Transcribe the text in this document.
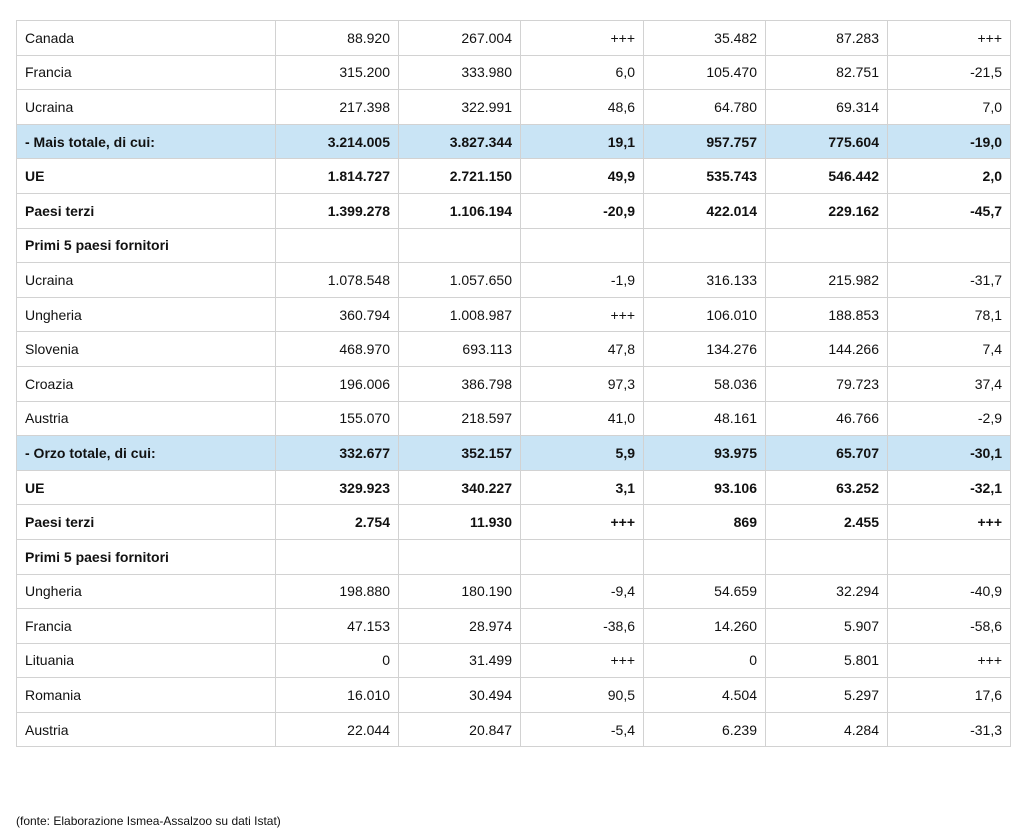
Canada	88.920	267.004	+++	35.482	87.283	+++
Francia	315.200	333.980	6,0	105.470	82.751	-21,5
Ucraina	217.398	322.991	48,6	64.780	69.314	7,0
- Mais totale, di cui:	3.214.005	3.827.344	19,1	957.757	775.604	-19,0
UE	1.814.727	2.721.150	49,9	535.743	546.442	2,0
Paesi terzi	1.399.278	1.106.194	-20,9	422.014	229.162	-45,7
Primi 5 paesi fornitori						
Ucraina	1.078.548	1.057.650	-1,9	316.133	215.982	-31,7
Ungheria	360.794	1.008.987	+++	106.010	188.853	78,1
Slovenia	468.970	693.113	47,8	134.276	144.266	7,4
Croazia	196.006	386.798	97,3	58.036	79.723	37,4
Austria	155.070	218.597	41,0	48.161	46.766	-2,9
- Orzo totale, di cui:	332.677	352.157	5,9	93.975	65.707	-30,1
UE	329.923	340.227	3,1	93.106	63.252	-32,1
Paesi terzi	2.754	11.930	+++	869	2.455	+++
Primi 5 paesi fornitori						
Ungheria	198.880	180.190	-9,4	54.659	32.294	-40,9
Francia	47.153	28.974	-38,6	14.260	5.907	-58,6
Lituania	0	31.499	+++	0	5.801	+++
Romania	16.010	30.494	90,5	4.504	5.297	17,6
Austria	22.044	20.847	-5,4	6.239	4.284	-31,3
(fonte: Elaborazione Ismea-Assalzoo su dati Istat)
